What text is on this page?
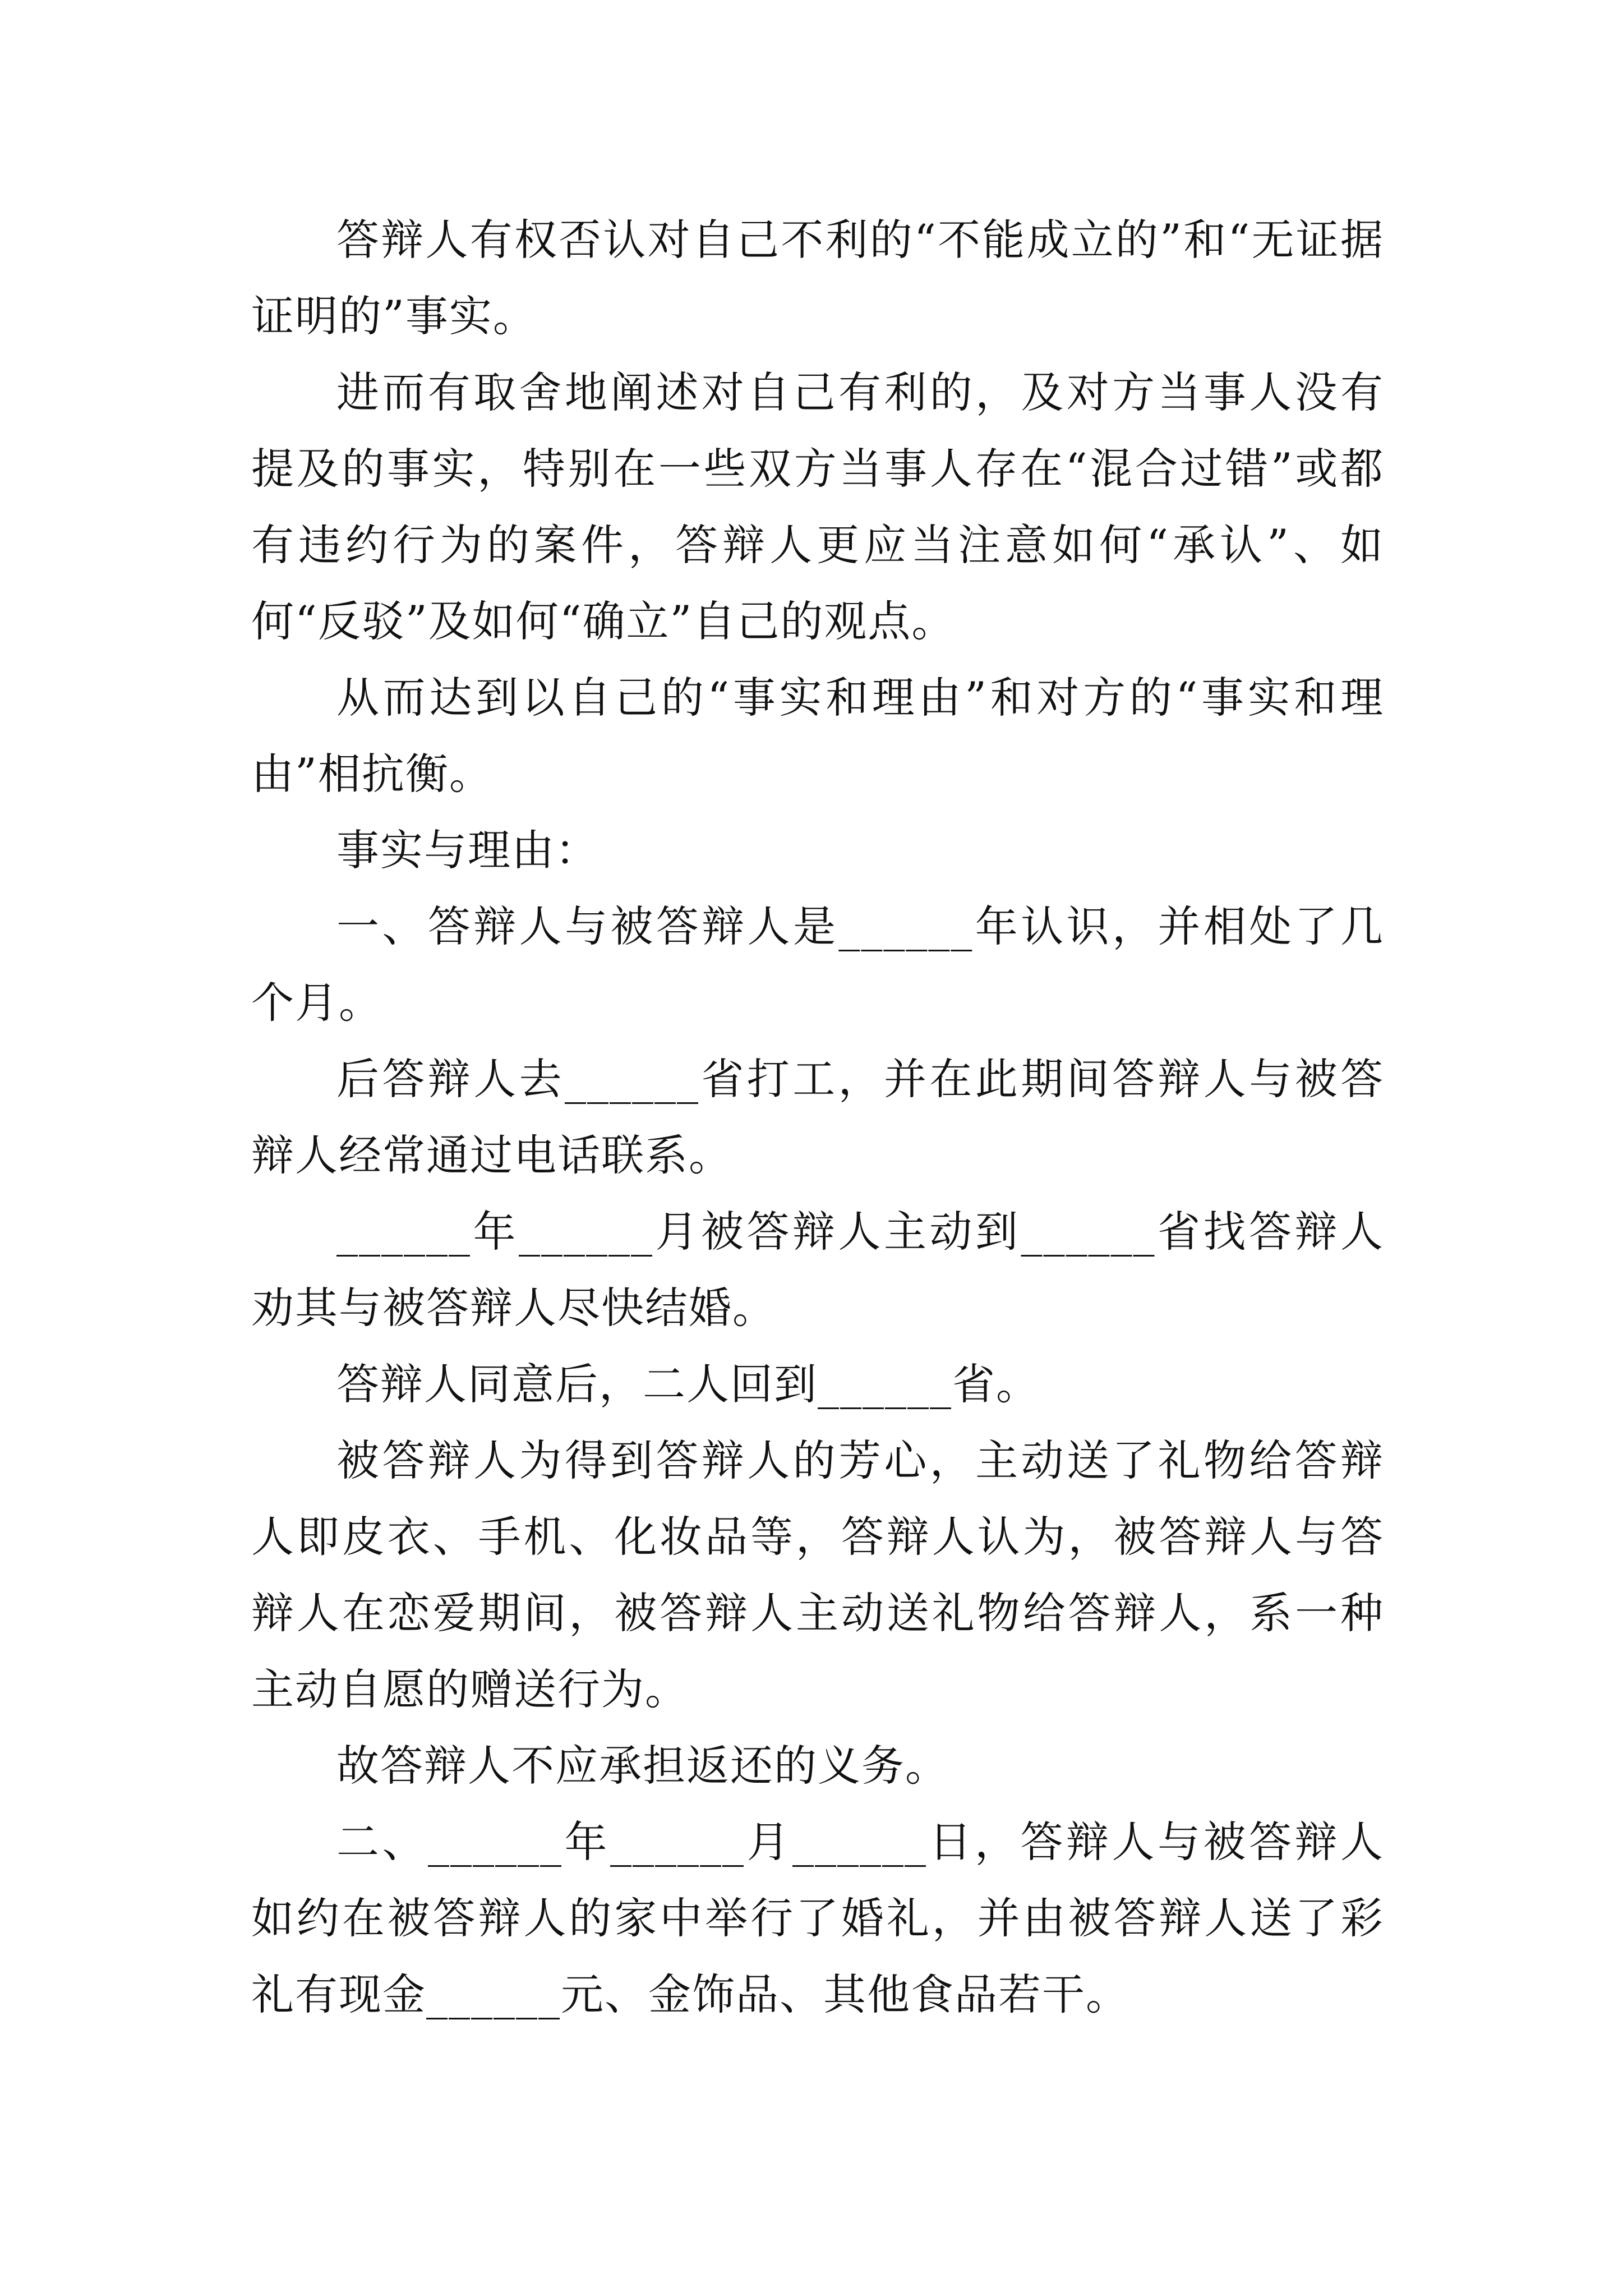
答辩人有权否认对自己不利的“不能成立的”和“无证据证明的”事实。

进而有取舍地阐述对自己有利的，及对方当事人没有提及的事实，特别在一些双方当事人存在“混合过错”或都有违约行为的案件，答辩人更应当注意如何“承认”、如何“反驳”及如何“确立”自己的观点。

从而达到以自己的“事实和理由”和对方的“事实和理由”相抗衡。

事实与理由：

一、答辩人与被答辩人是______年认识，并相处了几个月。

后答辩人去______省打工，并在此期间答辩人与被答辩人经常通过电话联系。

______年______月被答辩人主动到______省找答辩人劝其与被答辩人尽快结婚。

答辩人同意后，二人回到______省。

被答辩人为得到答辩人的芳心，主动送了礼物给答辩人即皮衣、手机、化妆品等，答辩人认为，被答辩人与答辩人在恋爱期间，被答辩人主动送礼物给答辩人，系一种主动自愿的赠送行为。

故答辩人不应承担返还的义务。

二、______年______月______日，答辩人与被答辩人如约在被答辩人的家中举行了婚礼，并由被答辩人送了彩礼有现金______元、金饰品、其他食品若干。
